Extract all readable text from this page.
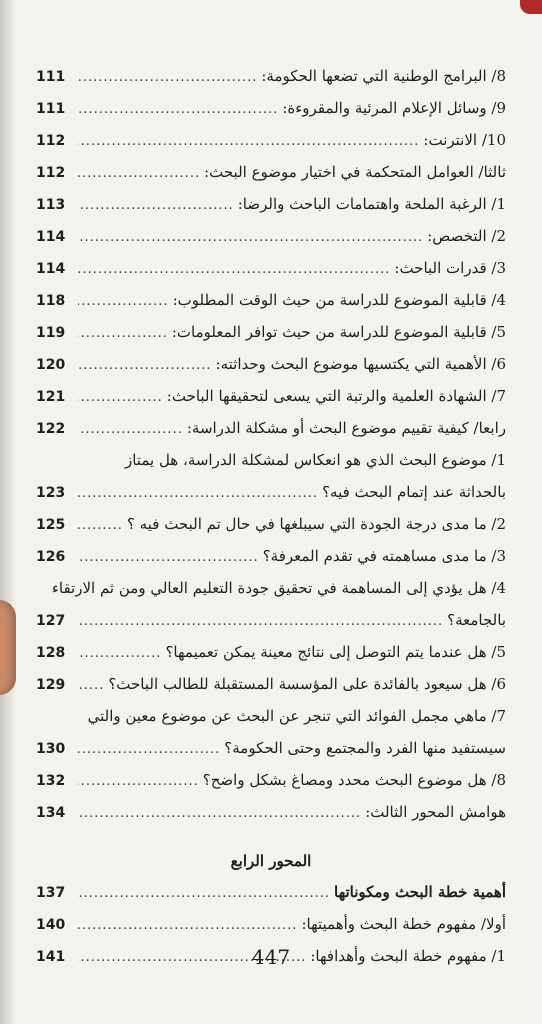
8/ البرامج الوطنية التي تضعها الحكومة:
.....
111
9/ وسائل الإعلام المرئية والمقروءة:
.....
111
10/ الانترنت:
.....
112
ثالثا/ العوامل المتحكمة في اختيار موضوع البحث:
.....
112
1/ الرغبة الملحة واهتمامات الباحث والرضا:
.....
113
2/ التخصص:
.....
114
3/ قدرات الباحث:
.....
114
4/ قابلية الموضوع للدراسة من حيث الوقت المطلوب:
.....
118
5/ قابلية الموضوع للدراسة من حيث توافر المعلومات:
.....
119
6/ الأهمية التي يكتسيها موضوع البحث وحداثته:
.....
120
7/ الشهادة العلمية والرتبة التي يسعى لتحقيقها الباحث:
.....
121
رابعا/ كيفية تقييم موضوع البحث أو مشكلة الدراسة:
.....
122
1/ موضوع البحث الذي هو انعكاس لمشكلة الدراسة، هل يمتاز
بالحداثة عند إتمام البحث فيه؟
.....
123
2/ ما مدى درجة الجودة التي سيبلغها في حال تم البحث فيه ؟
.....
125
3/ ما مدى مساهمته في تقدم المعرفة؟
.....
126
4/ هل يؤدي إلى المساهمة في تحقيق جودة التعليم العالي ومن ثم الارتقاء
بالجامعة؟
.....
127
5/ هل عندما يتم التوصل إلى نتائج معينة يمكن تعميمها؟
.....
128
6/ هل سيعود بالفائدة على المؤسسة المستقبلة للطالب الباحث؟
.....
129
7/ ماهي مجمل الفوائد التي تنجر عن البحث عن موضوع معين والتي
سيستفيد منها الفرد والمجتمع وحتى الحكومة؟
.....
130
8/ هل موضوع البحث محدد ومصاغ بشكل واضح؟
.....
132
هوامش المحور الثالث:
.....
134
المحور الرابع
أهمية خطة البحث ومكوناتها
.....
137
أولا/ مفهوم خطة البحث وأهميتها:
.....
140
1/ مفهوم خطة البحث وأهدافها:
.....
141	447
